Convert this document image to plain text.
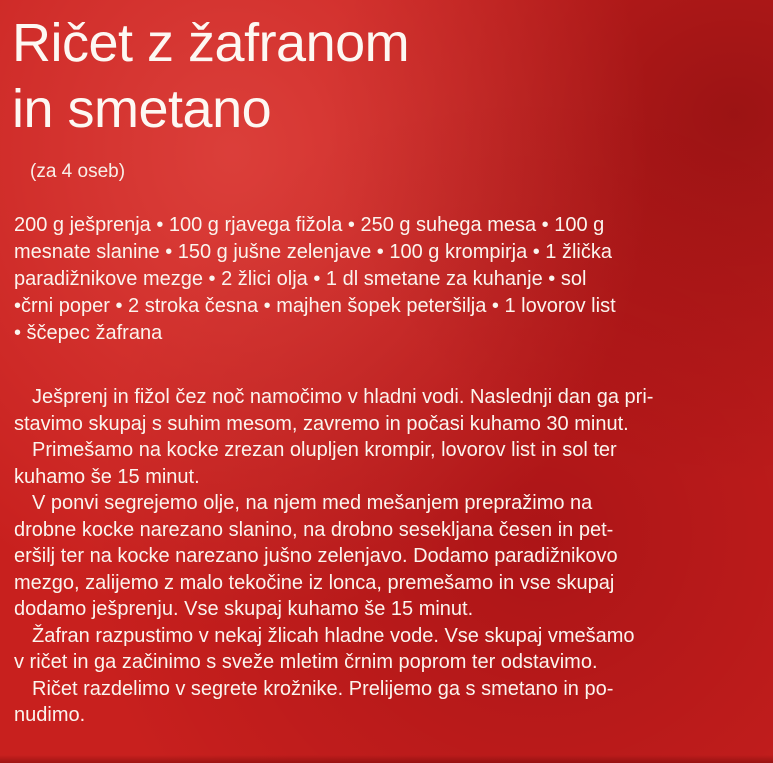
Ričet z žafranom
in smetano
(za 4 oseb)
200 g ješprenja • 100 g rjavega fižola • 250 g suhega mesa • 100 g
mesnate slanine • 150 g jušne zelenjave • 100 g krompirja • 1 žlička
paradižnikove mezge • 2 žlici olja • 1 dl smetane za kuhanje • sol
•črni poper • 2 stroka česna • majhen šopek peteršilja • 1 lovorov list
• ščepec žafrana
Ješprenj in fižol čez noč namočimo v hladni vodi. Naslednji dan ga pri-
stavimo skupaj s suhim mesom, zavremo in počasi kuhamo 30 minut.
Primešamo na kocke zrezan olupljen krompir, lovorov list in sol ter
kuhamo še 15 minut.
V ponvi segrejemo olje, na njem med mešanjem prepražimo na
drobne kocke narezano slanino, na drobno sesekljana česen in pet-
eršilj ter na kocke narezano jušno zelenjavo. Dodamo paradižnikovo
mezgo, zalijemo z malo tekočine iz lonca, premešamo in vse skupaj
dodamo ješprenju. Vse skupaj kuhamo še 15 minut.
Žafran razpustimo v nekaj žlicah hladne vode. Vse skupaj vmešamo
v ričet in ga začinimo s sveže mletim črnim poprom ter odstavimo.
Ričet razdelimo v segrete krožnike. Prelijemo ga s smetano in po-
nudimo.
